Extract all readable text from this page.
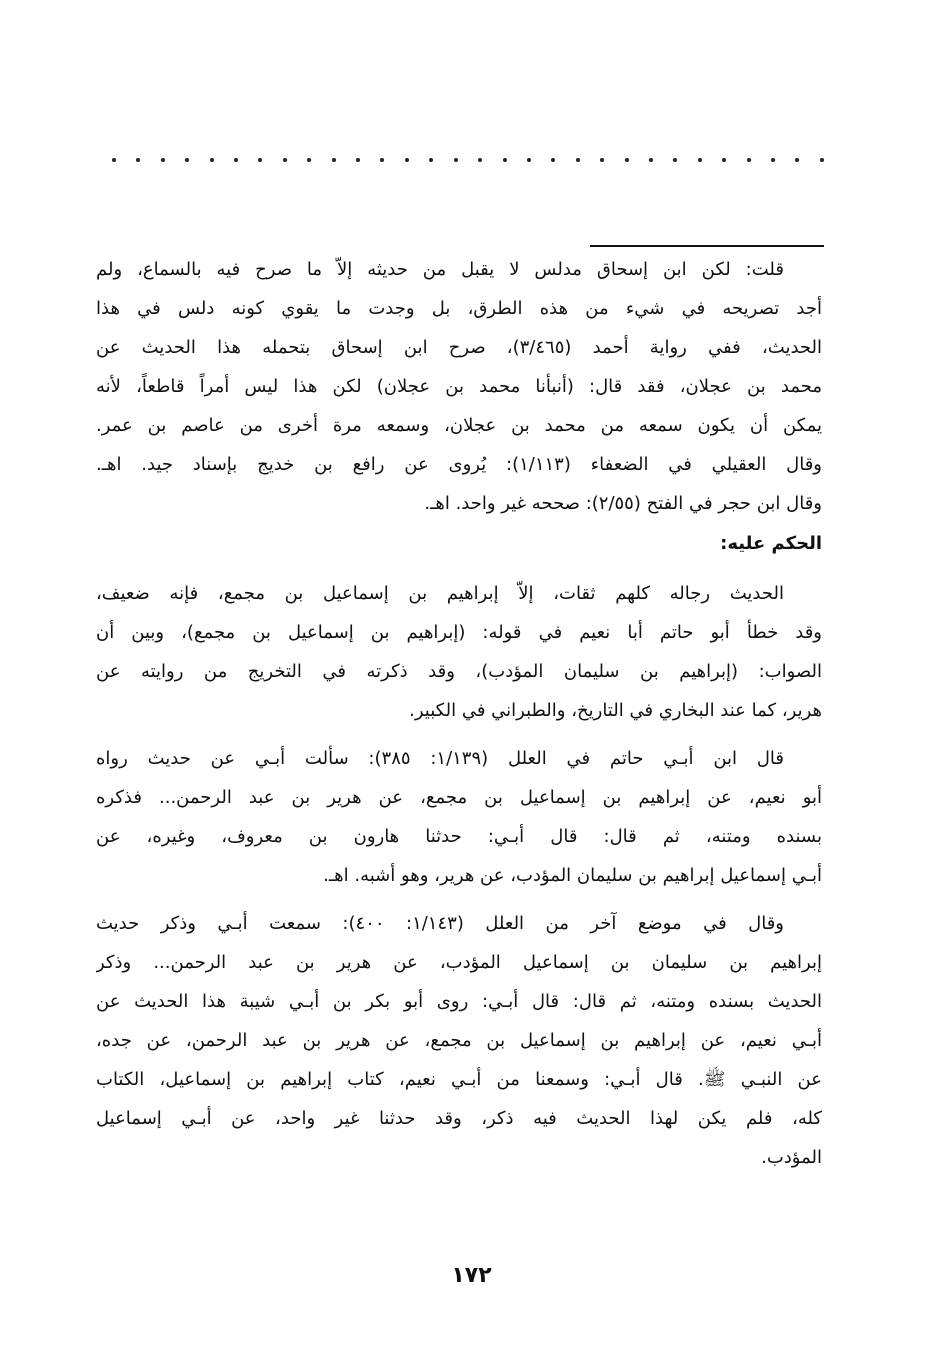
قلت: لكن ابن إسحاق مدلس لا يقبل من حديثه إلاّ ما صرح فيه بالسماع، ولم
أجد تصريحه في شيء من هذه الطرق، بل وجدت ما يقوي كونه دلس في هذا
الحديث، ففي رواية أحمد (٣/٤٦٥)، صرح ابن إسحاق بتحمله هذا الحديث عن
محمد بن عجلان، فقد قال: (أنبأنا محمد بن عجلان) لكن هذا ليس أمراً قاطعاً، لأنه
يمكن أن يكون سمعه من محمد بن عجلان، وسمعه مرة أخرى من عاصم بن عمر.
وقال العقيلي في الضعفاء (١/١١٣): يُروى عن رافع بن خديج بإسناد جيد. اهـ.
وقال ابن حجر في الفتح (٢/٥٥): صححه غير واحد. اهـ.
الحكم عليه:
الحديث رجاله كلهم ثقات، إلاّ إبراهيم بن إسماعيل بن مجمع، فإنه ضعيف،
وقد خطأ أبو حاتم أبا نعيم في قوله: (إبراهيم بن إسماعيل بن مجمع)، وبين أن
الصواب: (إبراهيم بن سليمان المؤدب)، وقد ذكرته في التخريج من روايته عن
هرير، كما عند البخاري في التاريخ، والطبراني في الكبير.
قال ابن أبـي حاتم في العلل (١/١٣٩: ٣٨٥): سألت أبـي عن حديث رواه
أبو نعيم، عن إبراهيم بن إسماعيل بن مجمع، عن هرير بن عبد الرحمن... فذكره
بسنده ومتنه، ثم قال: قال أبـي: حدثنا هارون بن معروف، وغيره، عن
أبـي إسماعيل إبراهيم بن سليمان المؤدب، عن هرير، وهو أشبه. اهـ.
وقال في موضع آخر من العلل (١/١٤٣: ٤٠٠): سمعت أبـي وذكر حديث
إبراهيم بن سليمان بن إسماعيل المؤدب، عن هرير بن عبد الرحمن... وذكر
الحديث بسنده ومتنه، ثم قال: قال أبـي: روى أبو بكر بن أبـي شيبة هذا الحديث عن
أبـي نعيم، عن إبراهيم بن إسماعيل بن مجمع، عن هرير بن عبد الرحمن، عن جده،
عن النبـي ﷺ. قال أبـي: وسمعنا من أبـي نعيم، كتاب إبراهيم بن إسماعيل، الكتاب
كله، فلم يكن لهذا الحديث فيه ذكر، وقد حدثنا غير واحد، عن أبـي إسماعيل
المؤدب.
١٧٢
